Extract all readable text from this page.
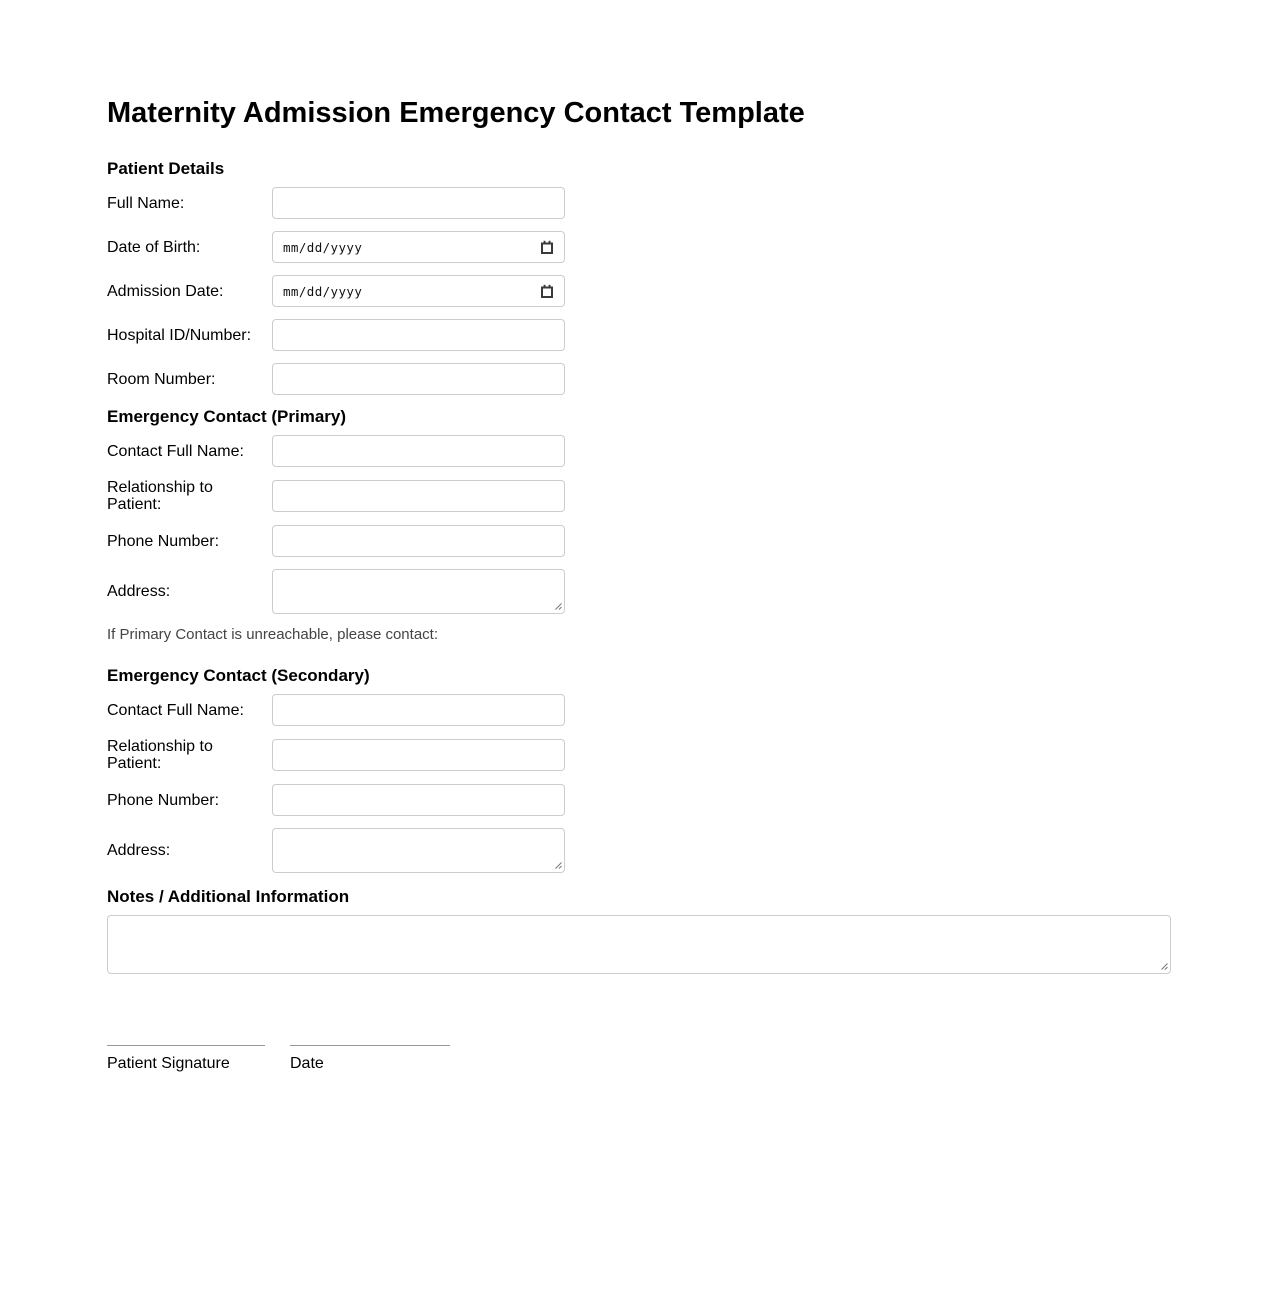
Maternity Admission Emergency Contact Template
Patient Details
Full Name:
Date of Birth:	mm/dd/yyyy
Admission Date:	mm/dd/yyyy
Hospital ID/Number:
Room Number:
Emergency Contact (Primary)
Contact Full Name:
Relationship to Patient:
Phone Number:
Address:

If Primary Contact is unreachable, please contact:

Emergency Contact (Secondary)
Contact Full Name:
Relationship to Patient:
Phone Number:
Address:
Notes / Additional Information
Patient Signature	Date
